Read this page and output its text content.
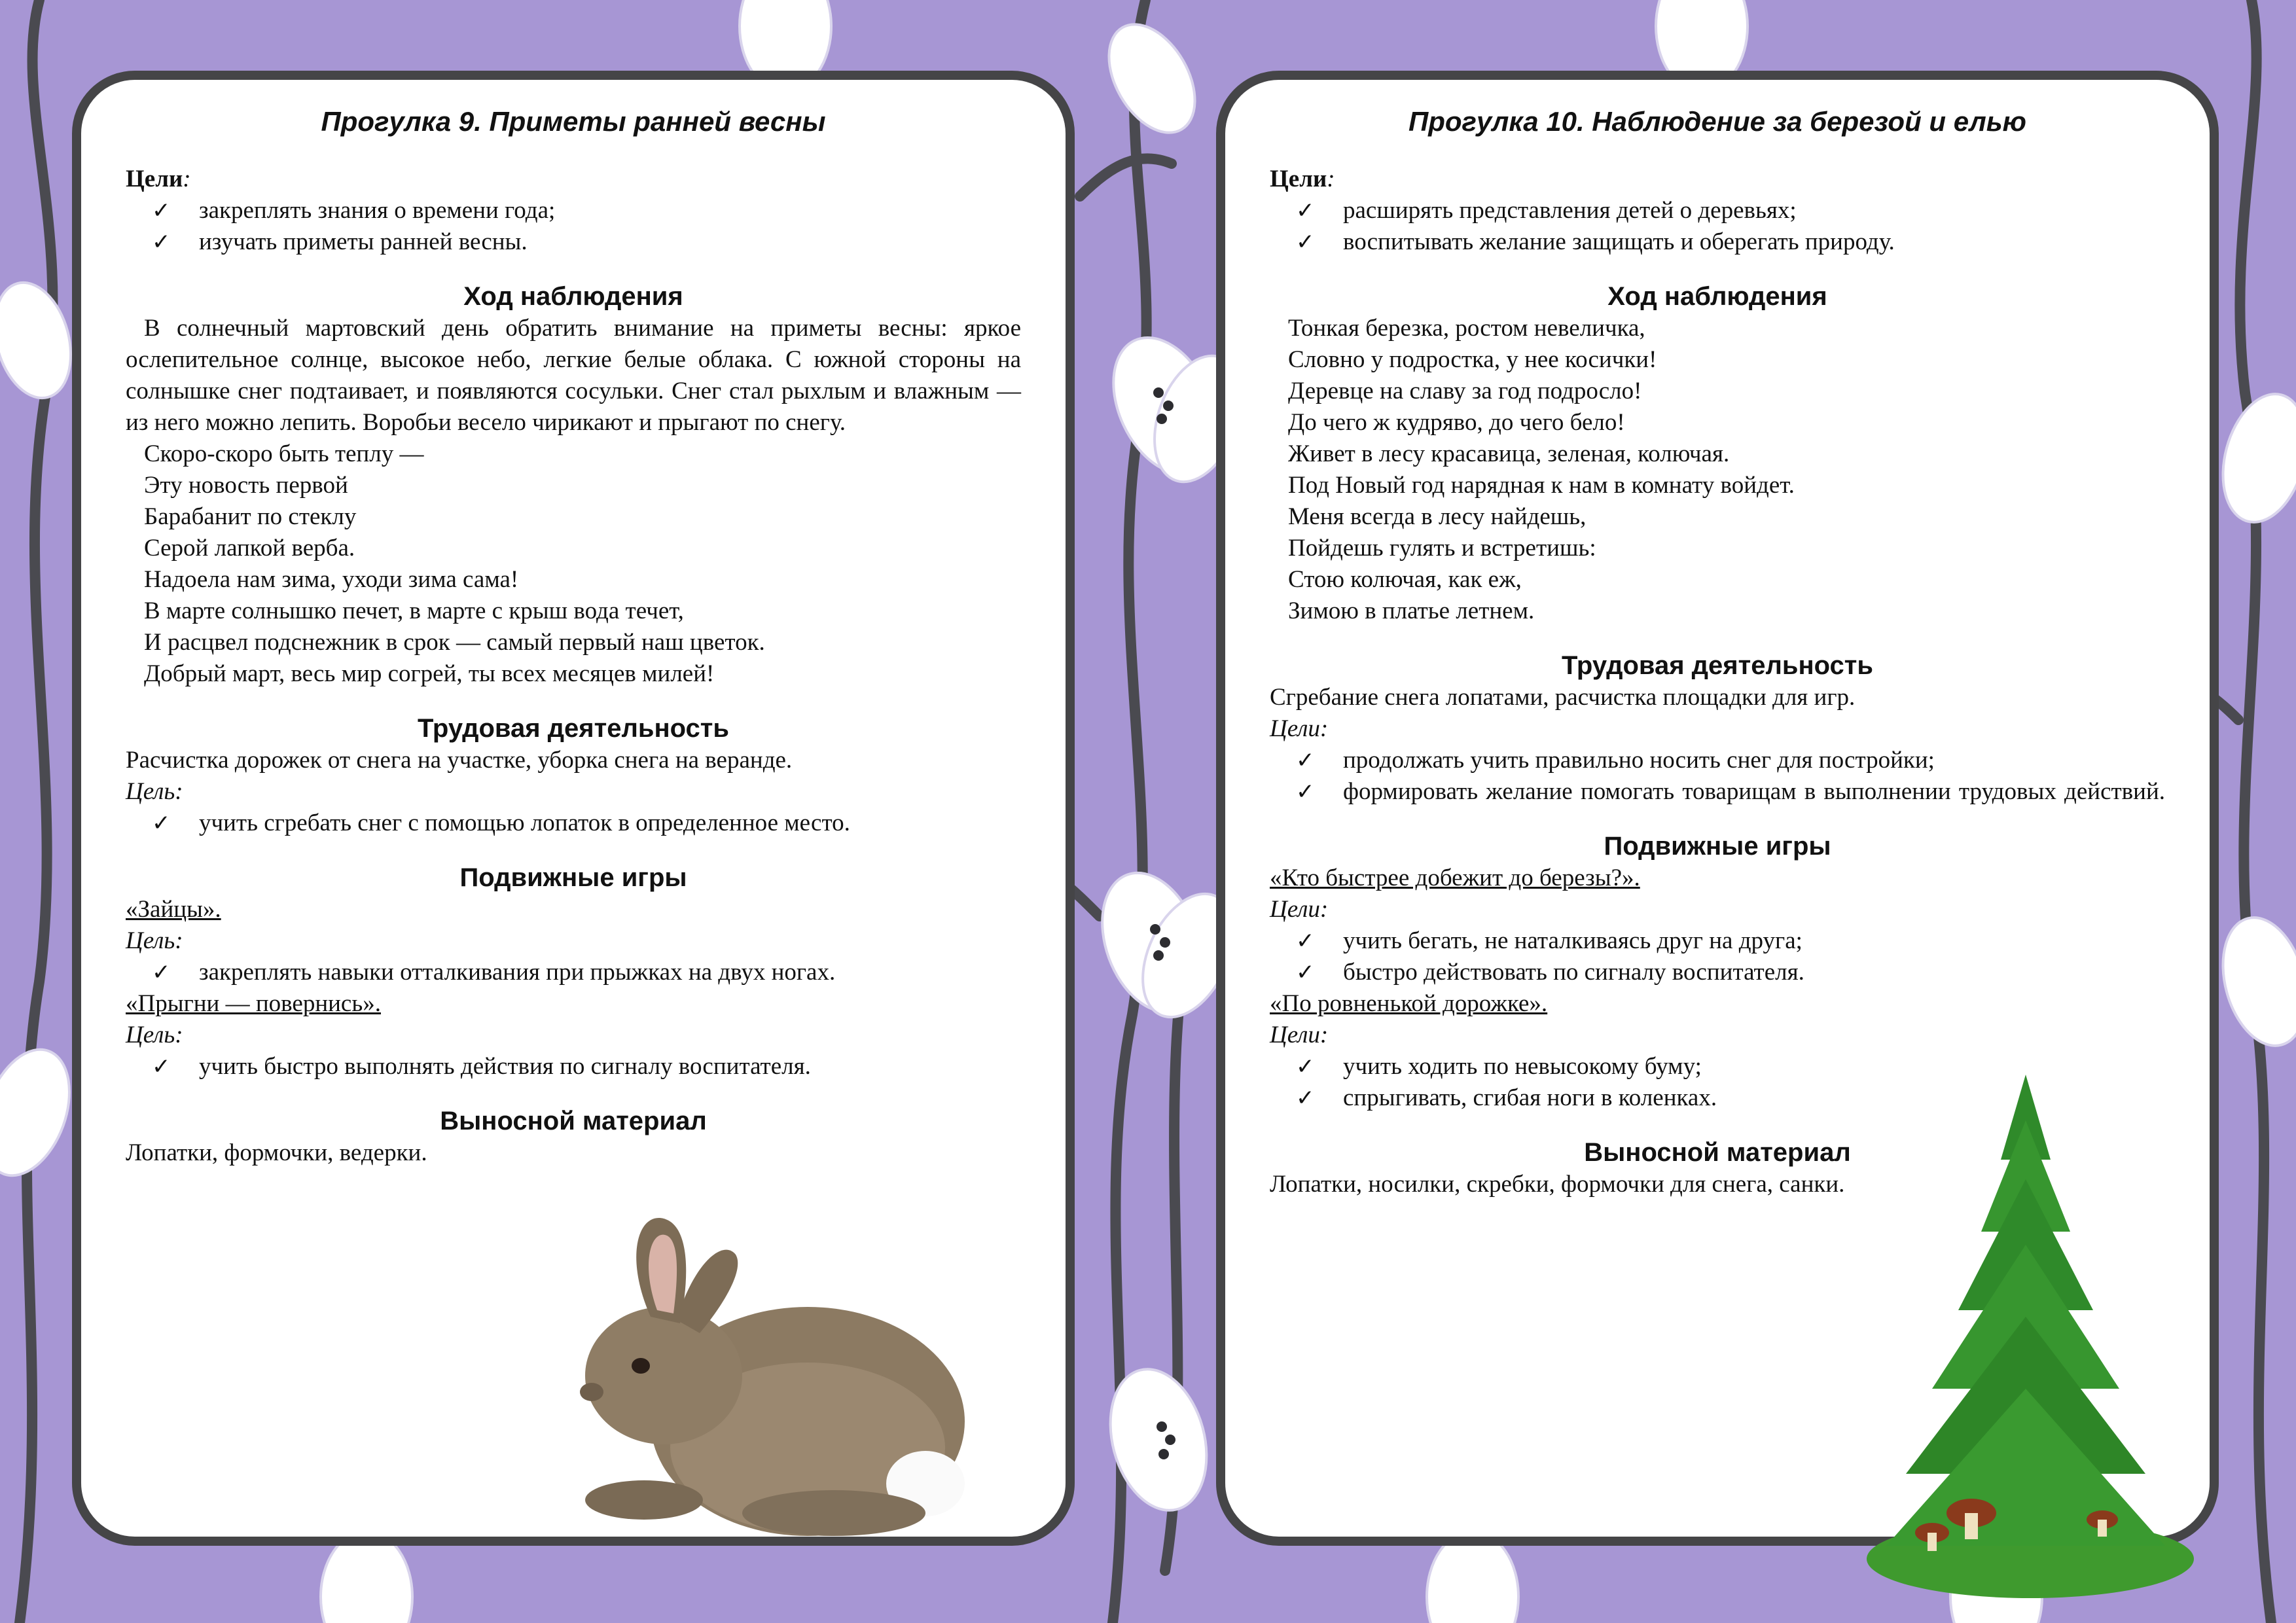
Прогулка 9. Приметы ранней весны
Цели:
✓ закреплять знания о времени года;
✓ изучать приметы ранней весны.
Ход наблюдения
В солнечный мартовский день обратить внимание на приметы весны: яркое ослепительное солнце, высокое небо, легкие белые облака. С южной стороны на солнышке снег подтаивает, и появляются сосульки. Снег стал рыхлым и влажным — из него можно лепить. Воробьи весело чирикают и прыгают по снегу.
Скоро-скоро быть теплу —
Эту новость первой
Барабанит по стеклу
Серой лапкой верба.
Надоела нам зима, уходи зима сама!
В марте солнышко печет, в марте с крыш вода течет,
И расцвел подснежник в срок — самый первый наш цветок.
Добрый март, весь мир согрей, ты всех месяцев милей!
Трудовая деятельность
Расчистка дорожек от снега на участке, уборка снега на веранде.
Цель:
✓ учить сгребать снег с помощью лопаток в определенное место.
Подвижные игры
«Зайцы».
Цель:
✓ закреплять навыки отталкивания при прыжках на двух ногах.
«Прыгни — повернись».
Цель:
✓ учить быстро выполнять действия по сигналу воспитателя.
Выносной материал
Лопатки, формочки, ведерки.
Прогулка 10. Наблюдение за березой и елью
Цели:
✓ расширять представления детей о деревьях;
✓ воспитывать желание защищать и оберегать природу.
Ход наблюдения
Тонкая березка, ростом невеличка,
Словно у подростка, у нее косички!
Деревце на славу за год подросло!
До чего ж кудряво, до чего бело!
Живет в лесу красавица, зеленая, колючая.
Под Новый год нарядная к нам в комнату войдет.
Меня всегда в лесу найдешь,
Пойдешь гулять и встретишь:
Стою колючая, как еж,
Зимою в платье летнем.
Трудовая деятельность
Сгребание снега лопатами, расчистка площадки для игр.
Цели:
✓ продолжать учить правильно носить снег для постройки;
✓ формировать желание помогать товарищам в выполнении трудовых действий.
Подвижные игры
«Кто быстрее добежит до березы?».
Цели:
✓ учить бегать, не наталкиваясь друг на друга;
✓ быстро действовать по сигналу воспитателя.
«По ровненькой дорожке».
Цели:
✓ учить ходить по невысокому буму;
✓ спрыгивать, сгибая ноги в коленках.
Выносной материал
Лопатки, носилки, скребки, формочки для снега, санки.
